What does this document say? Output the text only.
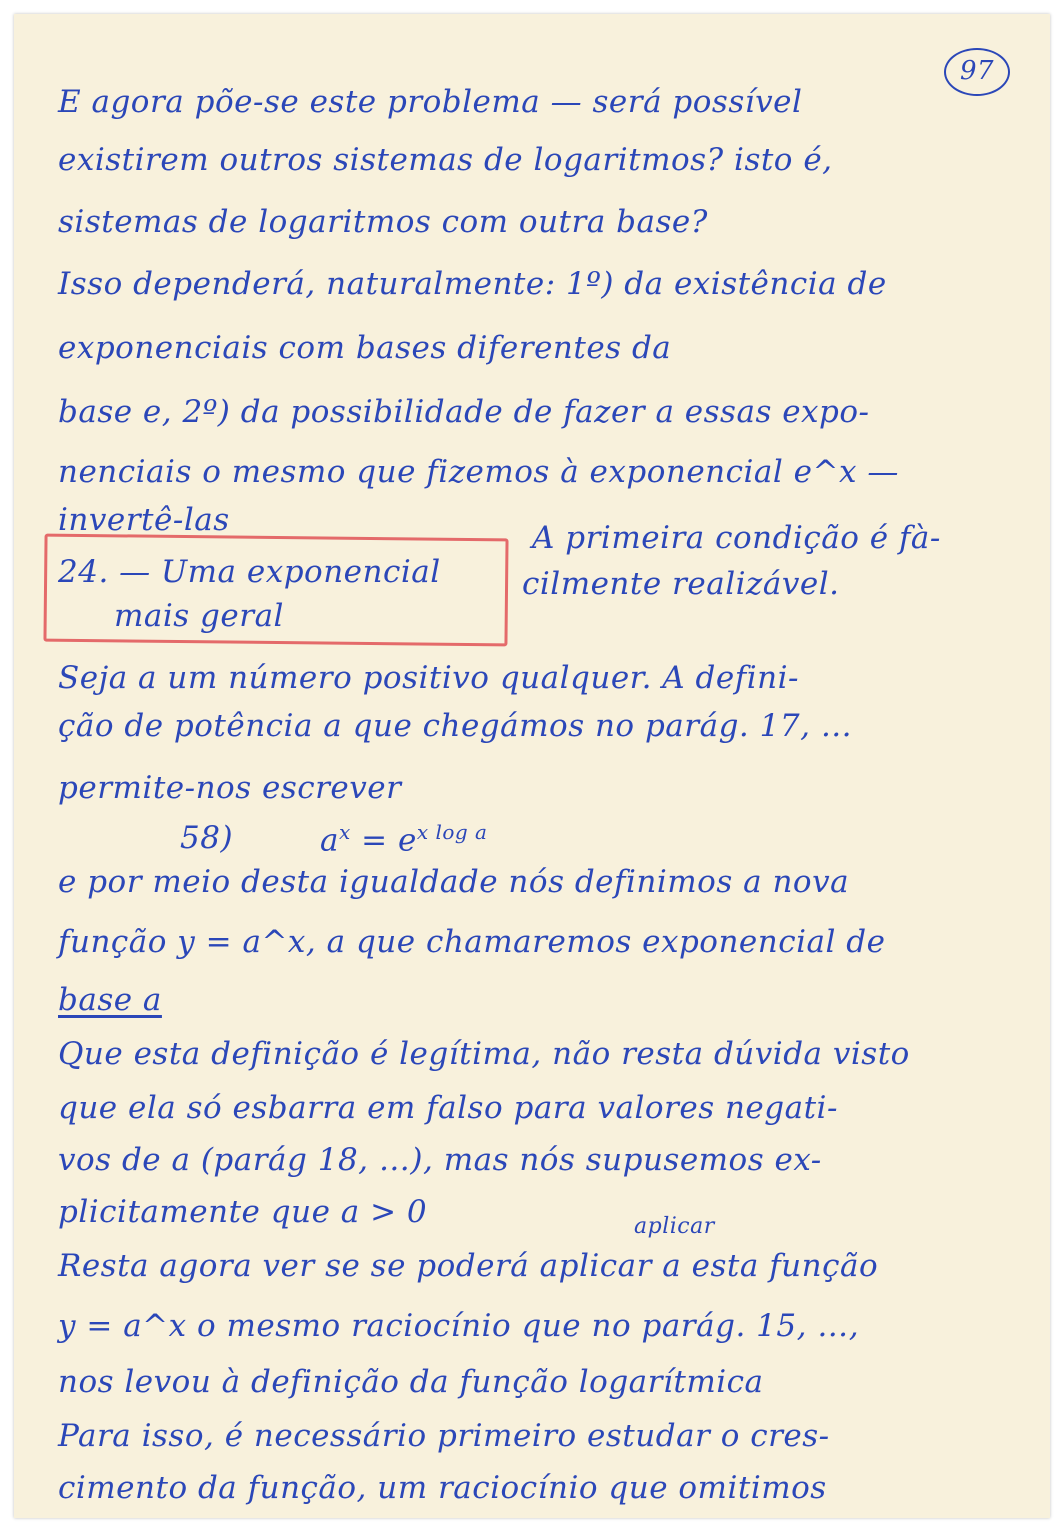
97
E agora põe-se este problema — será possível
existirem outros sistemas de logaritmos? isto é,
sistemas de logaritmos com outra base?
Isso dependerá, naturalmente: 1º) da existência de
exponenciais com bases diferentes da
base e, 2º) da possibilidade de fazer a essas expo-
nenciais o mesmo que fizemos à exponencial e^x —
invertê-las
24. — Uma exponencial
mais geral
A primeira condição é fà-
cilmente realizável.
Seja a um número positivo qualquer. A defini-
ção de potência a que chegámos no parág. 17, …
permite-nos escrever
58)	$a^x = e^{x log a}$
e por meio desta igualdade nós definimos a nova
função y = a^x, a que chamaremos exponencial de
base a
Que esta definição é legítima, não resta dúvida visto
que ela só esbarra em falso para valores negati-
vos de a (parág 18, …), mas nós supusemos ex-
plicitamente que a > 0	aplicar
Resta agora ver se se poderá aplicar a esta função
y = a^x o mesmo raciocínio que no parág. 15, …,
nos levou à definição da função logarítmica
Para isso, é necessário primeiro estudar o cres-
cimento da função, um raciocínio que omitimos
